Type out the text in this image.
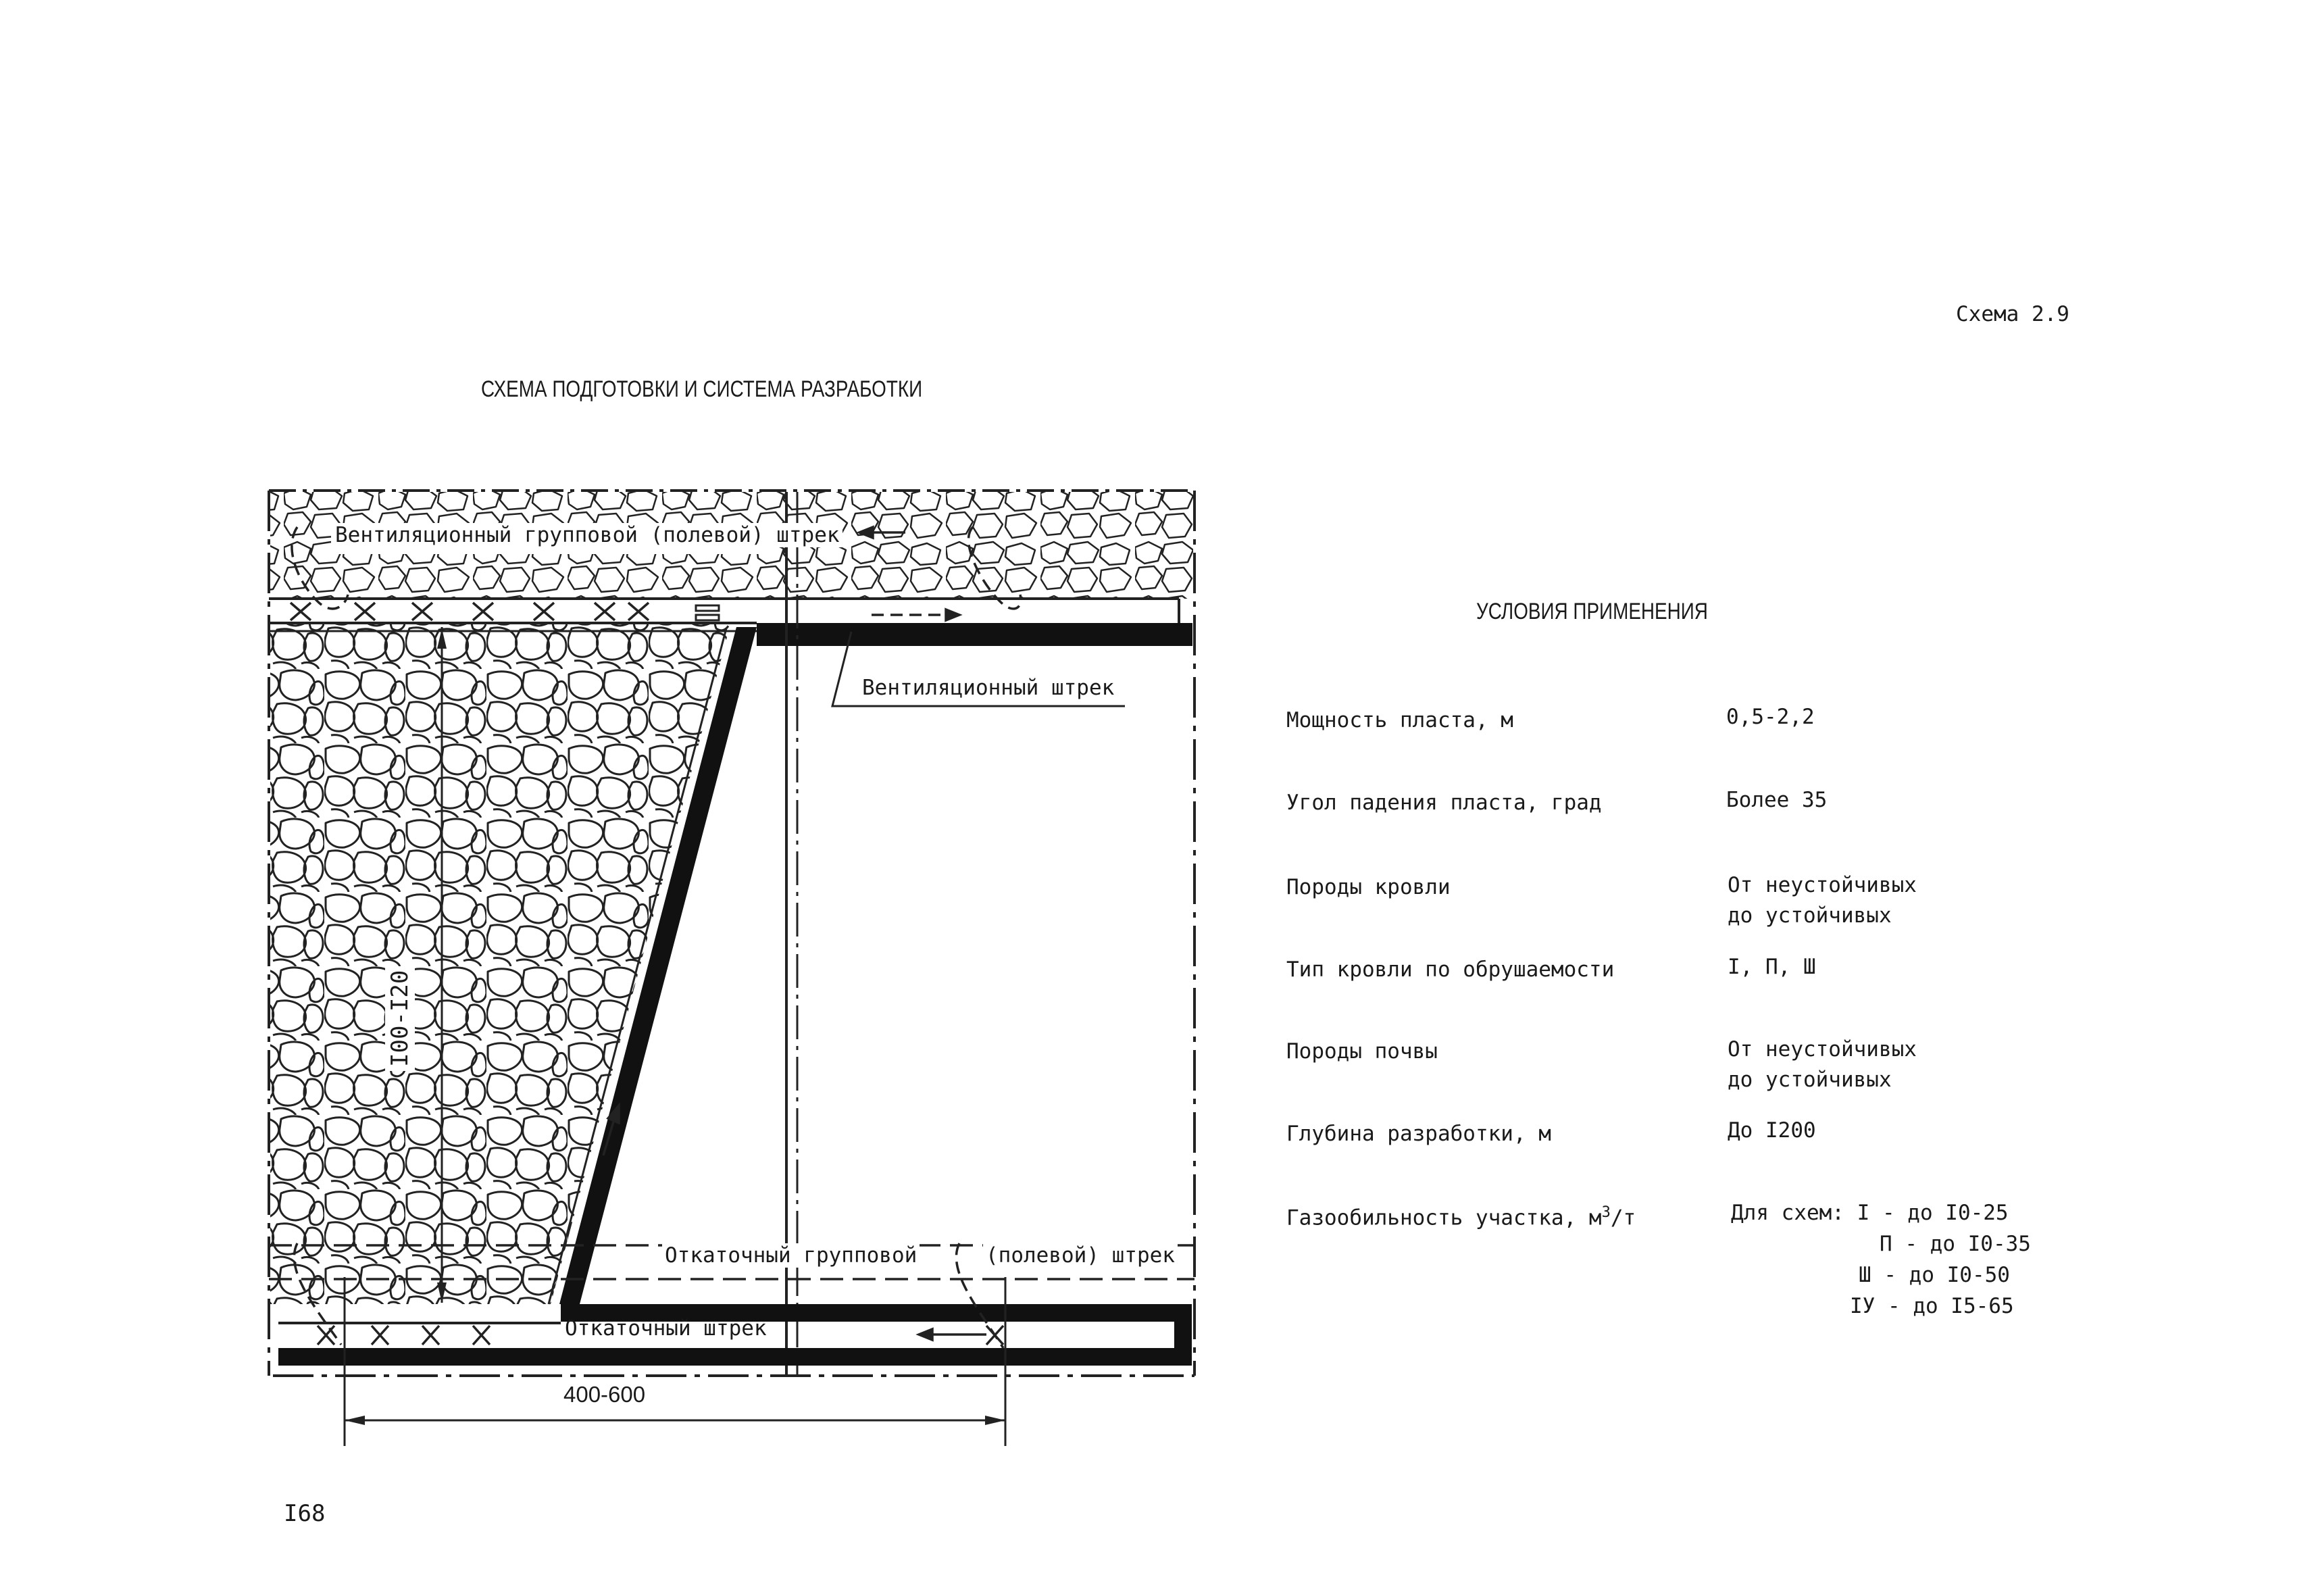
Схема 2.9
СХЕМА ПОДГОТОВКИ И СИСТЕМА РАЗРАБОТКИ
Вентиляционный групповой (полевой) штрек
Вентиляционный штрек
Откаточный групповой	(полевой) штрек
Откаточный штрек
I00-I20
400-600
УСЛОВИЯ ПРИМЕНЕНИЯ
Мощность пласта, м	0,5-2,2
Угол падения пласта, град	Более 35
Породы кровли	От неустойчивых
до устойчивых
Тип кровли по обрушаемости	I, П, Ш
Породы почвы	От неустойчивых
до устойчивых
Глубина разработки, м	До I200
Газообильность участка, $м^3/т$	Для схем: I - до I0-25
П - до I0-35
Ш - до I0-50
IУ - до I5-65
I68
